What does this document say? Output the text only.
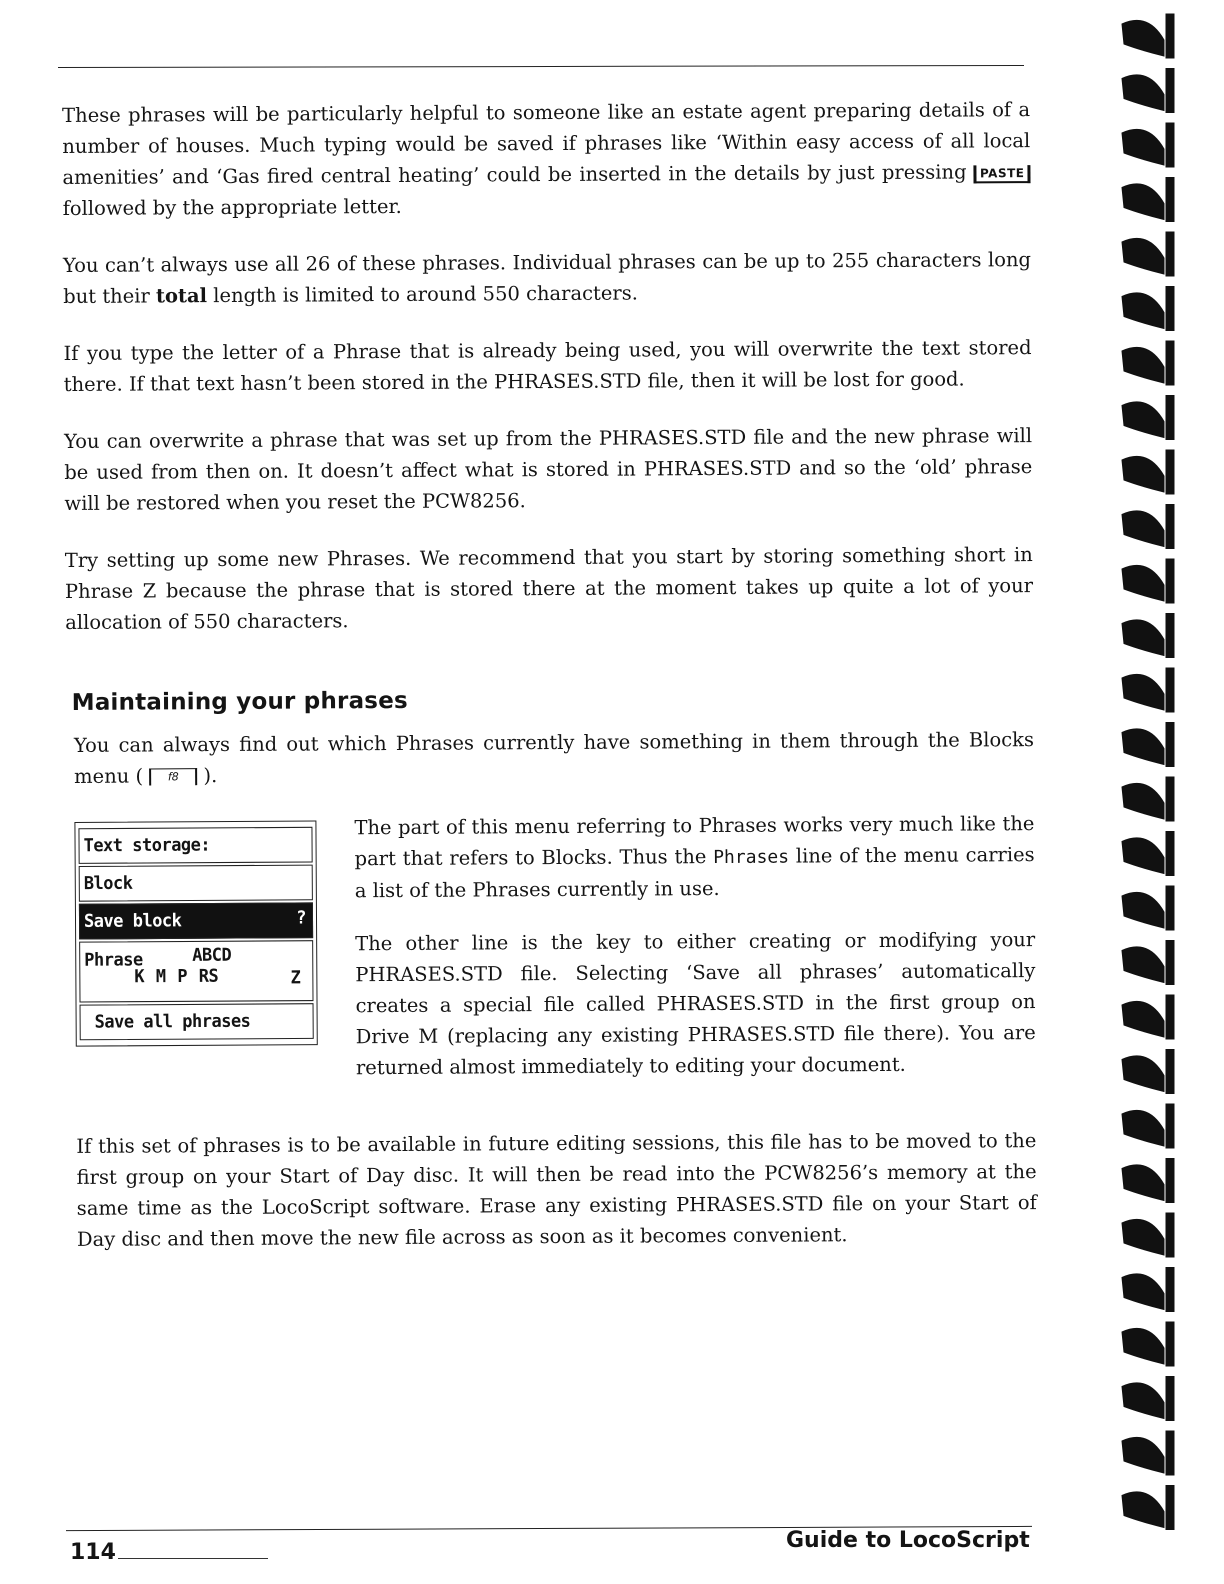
These phrases will be particularly helpful to someone like an estate agent preparing details of a number of houses. Much typing would be saved if phrases like ‘Within easy access of all local amenities’ and ‘Gas fired central heating’ could be inserted in the details by just pressing PASTE followed by the appropriate letter.

You can’t always use all 26 of these phrases. Individual phrases can be up to 255 characters long but their total length is limited to around 550 characters.

If you type the letter of a Phrase that is already being used, you will overwrite the text stored there. If that text hasn’t been stored in the PHRASES.STD file, then it will be lost for good.

You can overwrite a phrase that was set up from the PHRASES.STD file and the new phrase will be used from then on. It doesn’t affect what is stored in PHRASES.STD and so the ‘old’ phrase will be restored when you reset the PCW8256.

Try setting up some new Phrases. We recommend that you start by storing something short in Phrase Z because the phrase that is stored there at the moment takes up quite a lot of your allocation of 550 characters.

Maintaining your phrases

You can always find out which Phrases currently have something in them through the Blocks menu ( f8 ).

Text storage:
Block
Save block	?
Phrase	ABCD
K M P RS	Z
Save all phrases

The part of this menu referring to Phrases works very much like the part that refers to Blocks. Thus the Phrases line of the menu carries a list of the Phrases currently in use.

The other line is the key to either creating or modifying your PHRASES.STD file. Selecting ‘Save all phrases’ automatically creates a special file called PHRASES.STD in the first group on Drive M (replacing any existing PHRASES.STD file there). You are returned almost immediately to editing your document.

If this set of phrases is to be available in future editing sessions, this file has to be moved to the first group on your Start of Day disc. It will then be read into the PCW8256’s memory at the same time as the LocoScript software. Erase any existing PHRASES.STD file on your Start of Day disc and then move the new file across as soon as it becomes convenient.

114	Guide to LocoScript
